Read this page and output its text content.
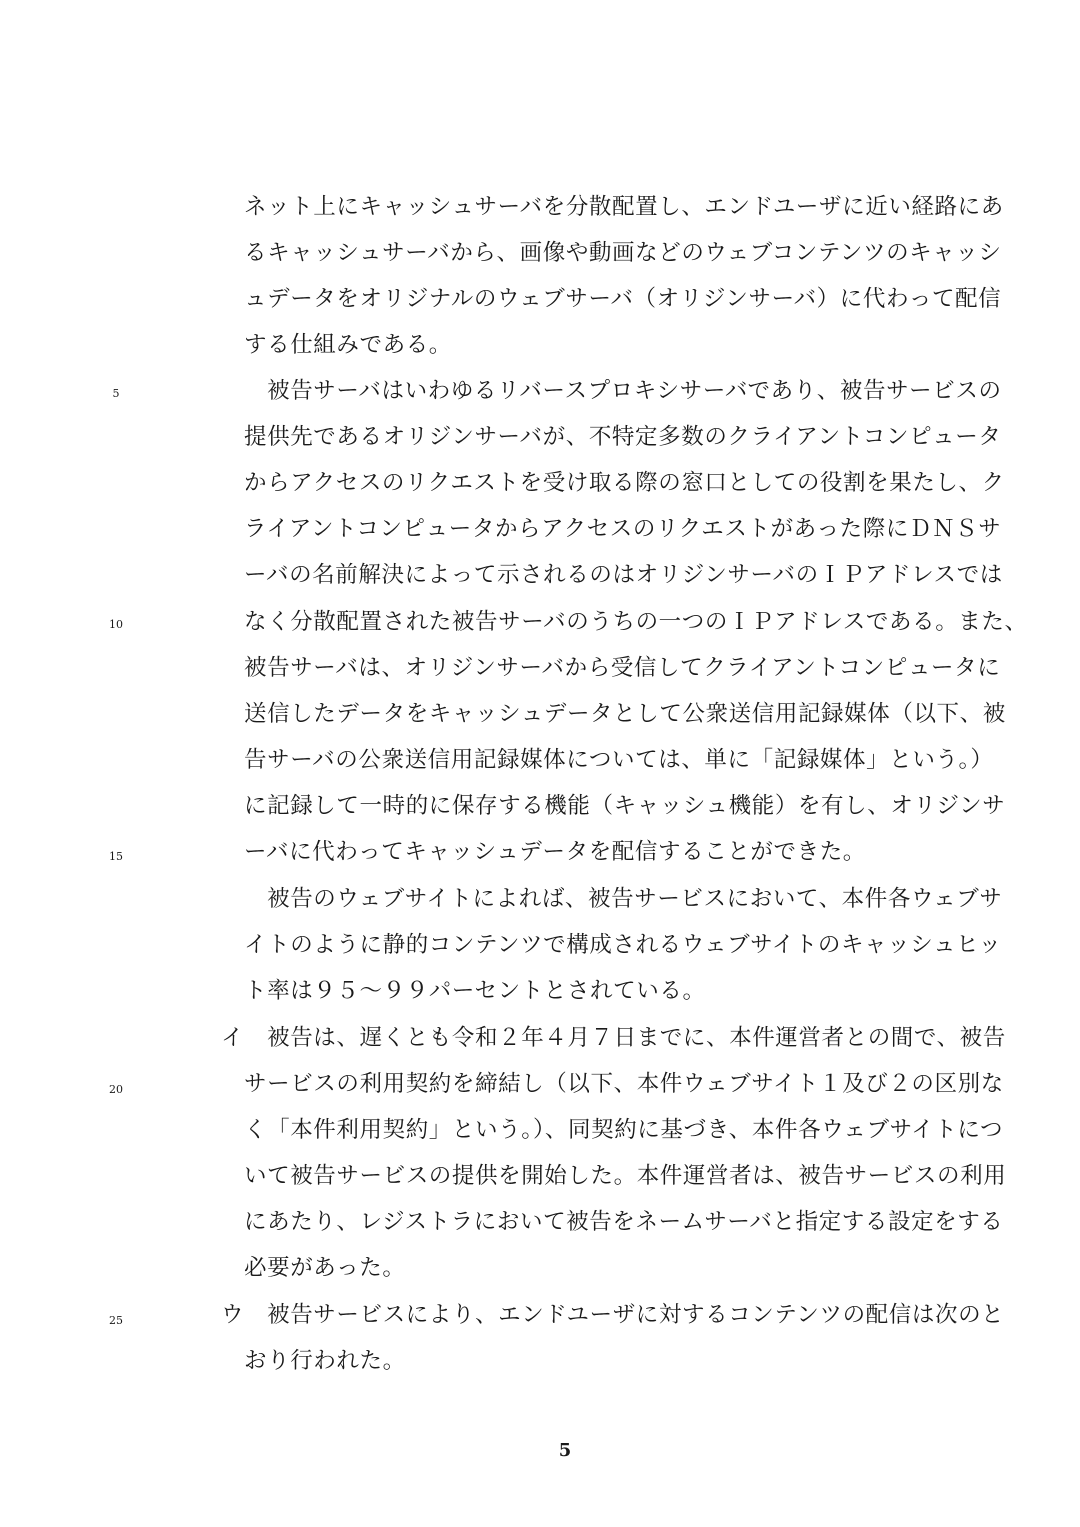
ネット上にキャッシュサーバを分散配置し、エンドユーザに近い経路にあ
るキャッシュサーバから、画像や動画などのウェブコンテンツのキャッシ
ュデータをオリジナルのウェブサーバ（オリジンサーバ）に代わって配信
する仕組みである。
5	　被告サーバはいわゆるリバースプロキシサーバであり、被告サービスの
提供先であるオリジンサーバが、不特定多数のクライアントコンピュータ
からアクセスのリクエストを受け取る際の窓口としての役割を果たし、ク
ライアントコンピュータからアクセスのリクエストがあった際にＤＮＳサ
ーバの名前解決によって示されるのはオリジンサーバのＩＰアドレスでは
10	なく分散配置された被告サーバのうちの一つのＩＰアドレスである。また、
被告サーバは、オリジンサーバから受信してクライアントコンピュータに
送信したデータをキャッシュデータとして公衆送信用記録媒体（以下、被
告サーバの公衆送信用記録媒体については、単に「記録媒体」という。）
に記録して一時的に保存する機能（キャッシュ機能）を有し、オリジンサ
15	ーバに代わってキャッシュデータを配信することができた。
　被告のウェブサイトによれば、被告サービスにおいて、本件各ウェブサ
イトのように静的コンテンツで構成されるウェブサイトのキャッシュヒッ
ト率は９５～９９パーセントとされている。
イ 　被告は、遅くとも令和２年４月７日までに、本件運営者との間で、被告
20	サービスの利用契約を締結し（以下、本件ウェブサイト１及び２の区別な
く「本件利用契約」という。）、同契約に基づき、本件各ウェブサイトにつ
いて被告サービスの提供を開始した。本件運営者は、被告サービスの利用
にあたり、レジストラにおいて被告をネームサーバと指定する設定をする
必要があった。
25	ウ 　被告サービスにより、エンドユーザに対するコンテンツの配信は次のと
おり行われた。
5
